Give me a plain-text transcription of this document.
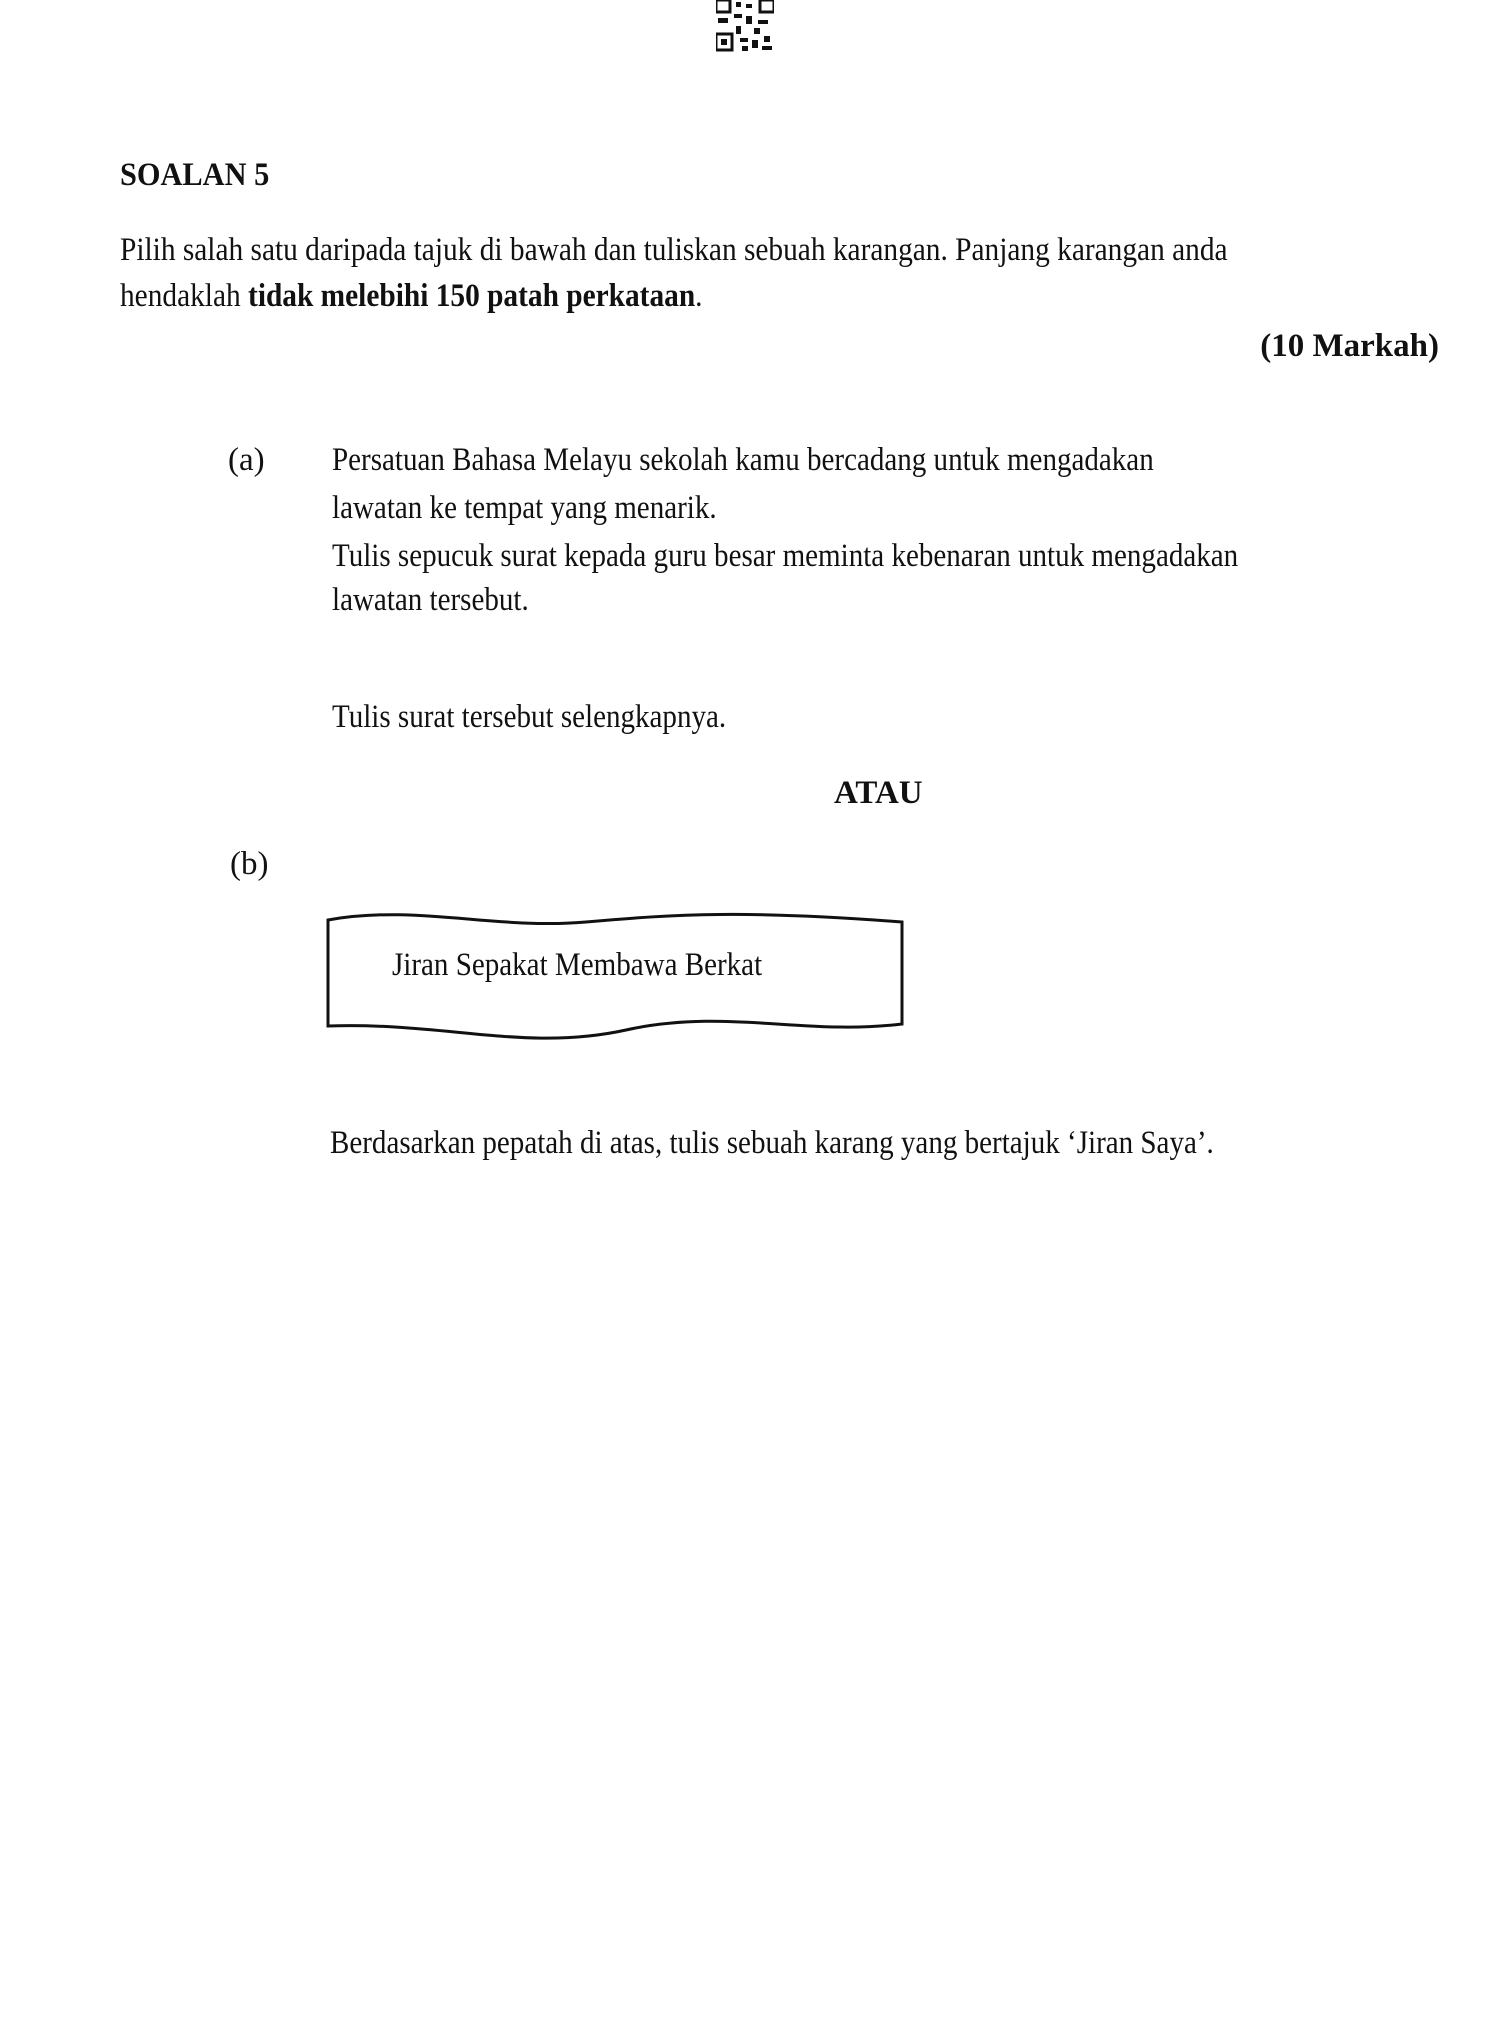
SOALAN 5
Pilih salah satu daripada tajuk di bawah dan tuliskan sebuah karangan. Panjang karangan anda
hendaklah tidak melebihi 150 patah perkataan.
(10 Markah)
(a) Persatuan Bahasa Melayu sekolah kamu bercadang untuk mengadakan
lawatan ke tempat yang menarik.
Tulis sepucuk surat kepada guru besar meminta kebenaran untuk mengadakan
lawatan tersebut.
Tulis surat tersebut selengkapnya.
ATAU
(b)
Jiran Sepakat Membawa Berkat
Berdasarkan pepatah di atas, tulis sebuah karang yang bertajuk ‘Jiran Saya’.
